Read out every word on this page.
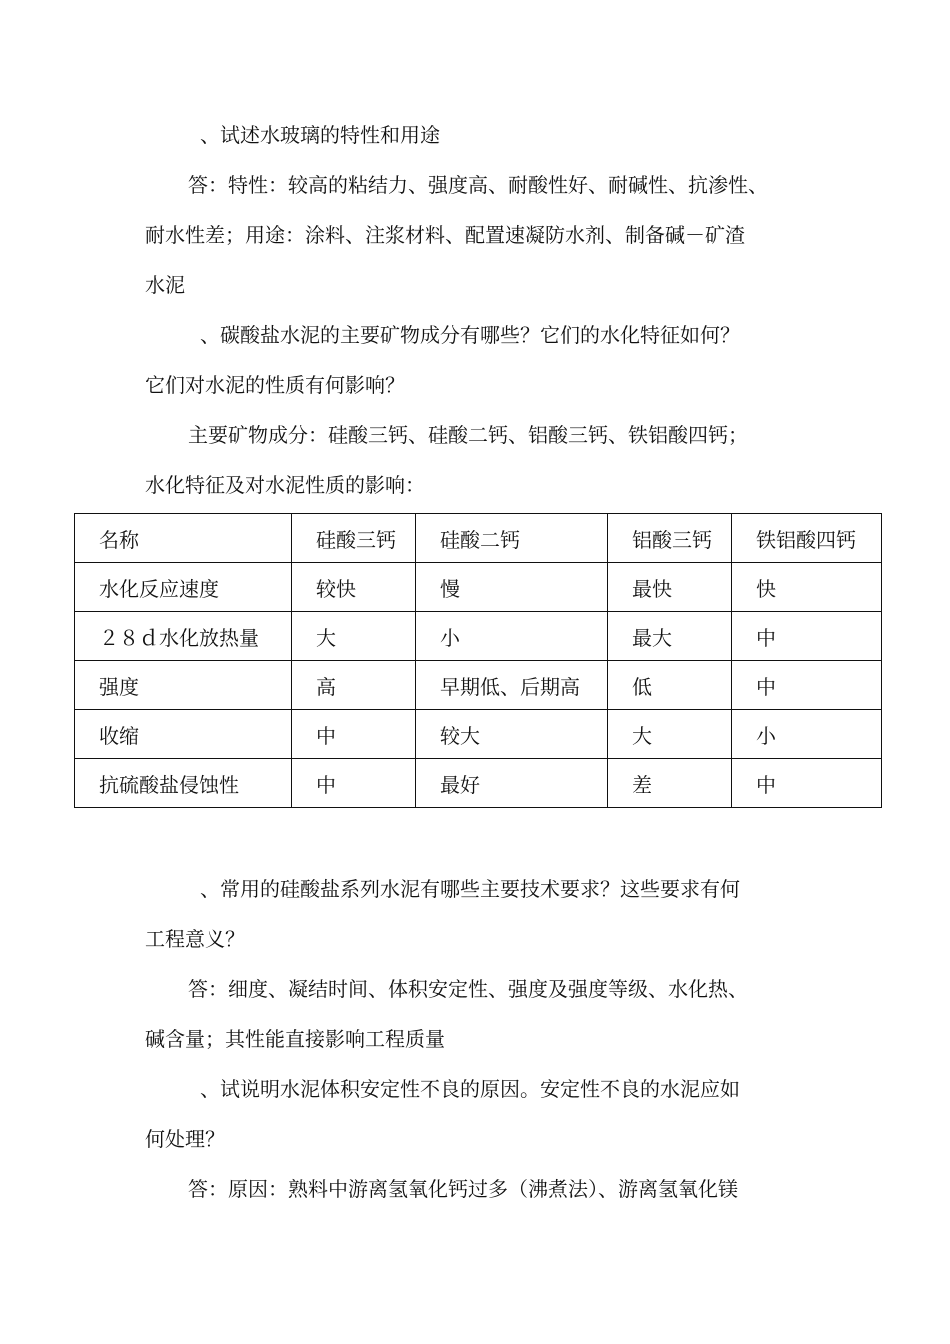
、试述水玻璃的特性和用途
答：特性：较高的粘结力、强度高、耐酸性好、耐碱性、抗渗性、
耐水性差；用途：涂料、注浆材料、配置速凝防水剂、制备碱－矿渣
水泥
、碳酸盐水泥的主要矿物成分有哪些？它们的水化特征如何？
它们对水泥的性质有何影响？
主要矿物成分：硅酸三钙、硅酸二钙、铝酸三钙、铁铝酸四钙；
水化特征及对水泥性质的影响：
名称	硅酸三钙	硅酸二钙	铝酸三钙	铁铝酸四钙
水化反应速度	较快	慢	最快	快
２８ｄ水化放热量	大	小	最大	中
强度	高	早期低、后期高	低	中
收缩	中	较大	大	小
抗硫酸盐侵蚀性	中	最好	差	中
、常用的硅酸盐系列水泥有哪些主要技术要求？这些要求有何
工程意义？
答：细度、凝结时间、体积安定性、强度及强度等级、水化热、
碱含量；其性能直接影响工程质量
、试说明水泥体积安定性不良的原因。安定性不良的水泥应如
何处理？
答：原因：熟料中游离氢氧化钙过多（沸煮法）、游离氢氧化镁
